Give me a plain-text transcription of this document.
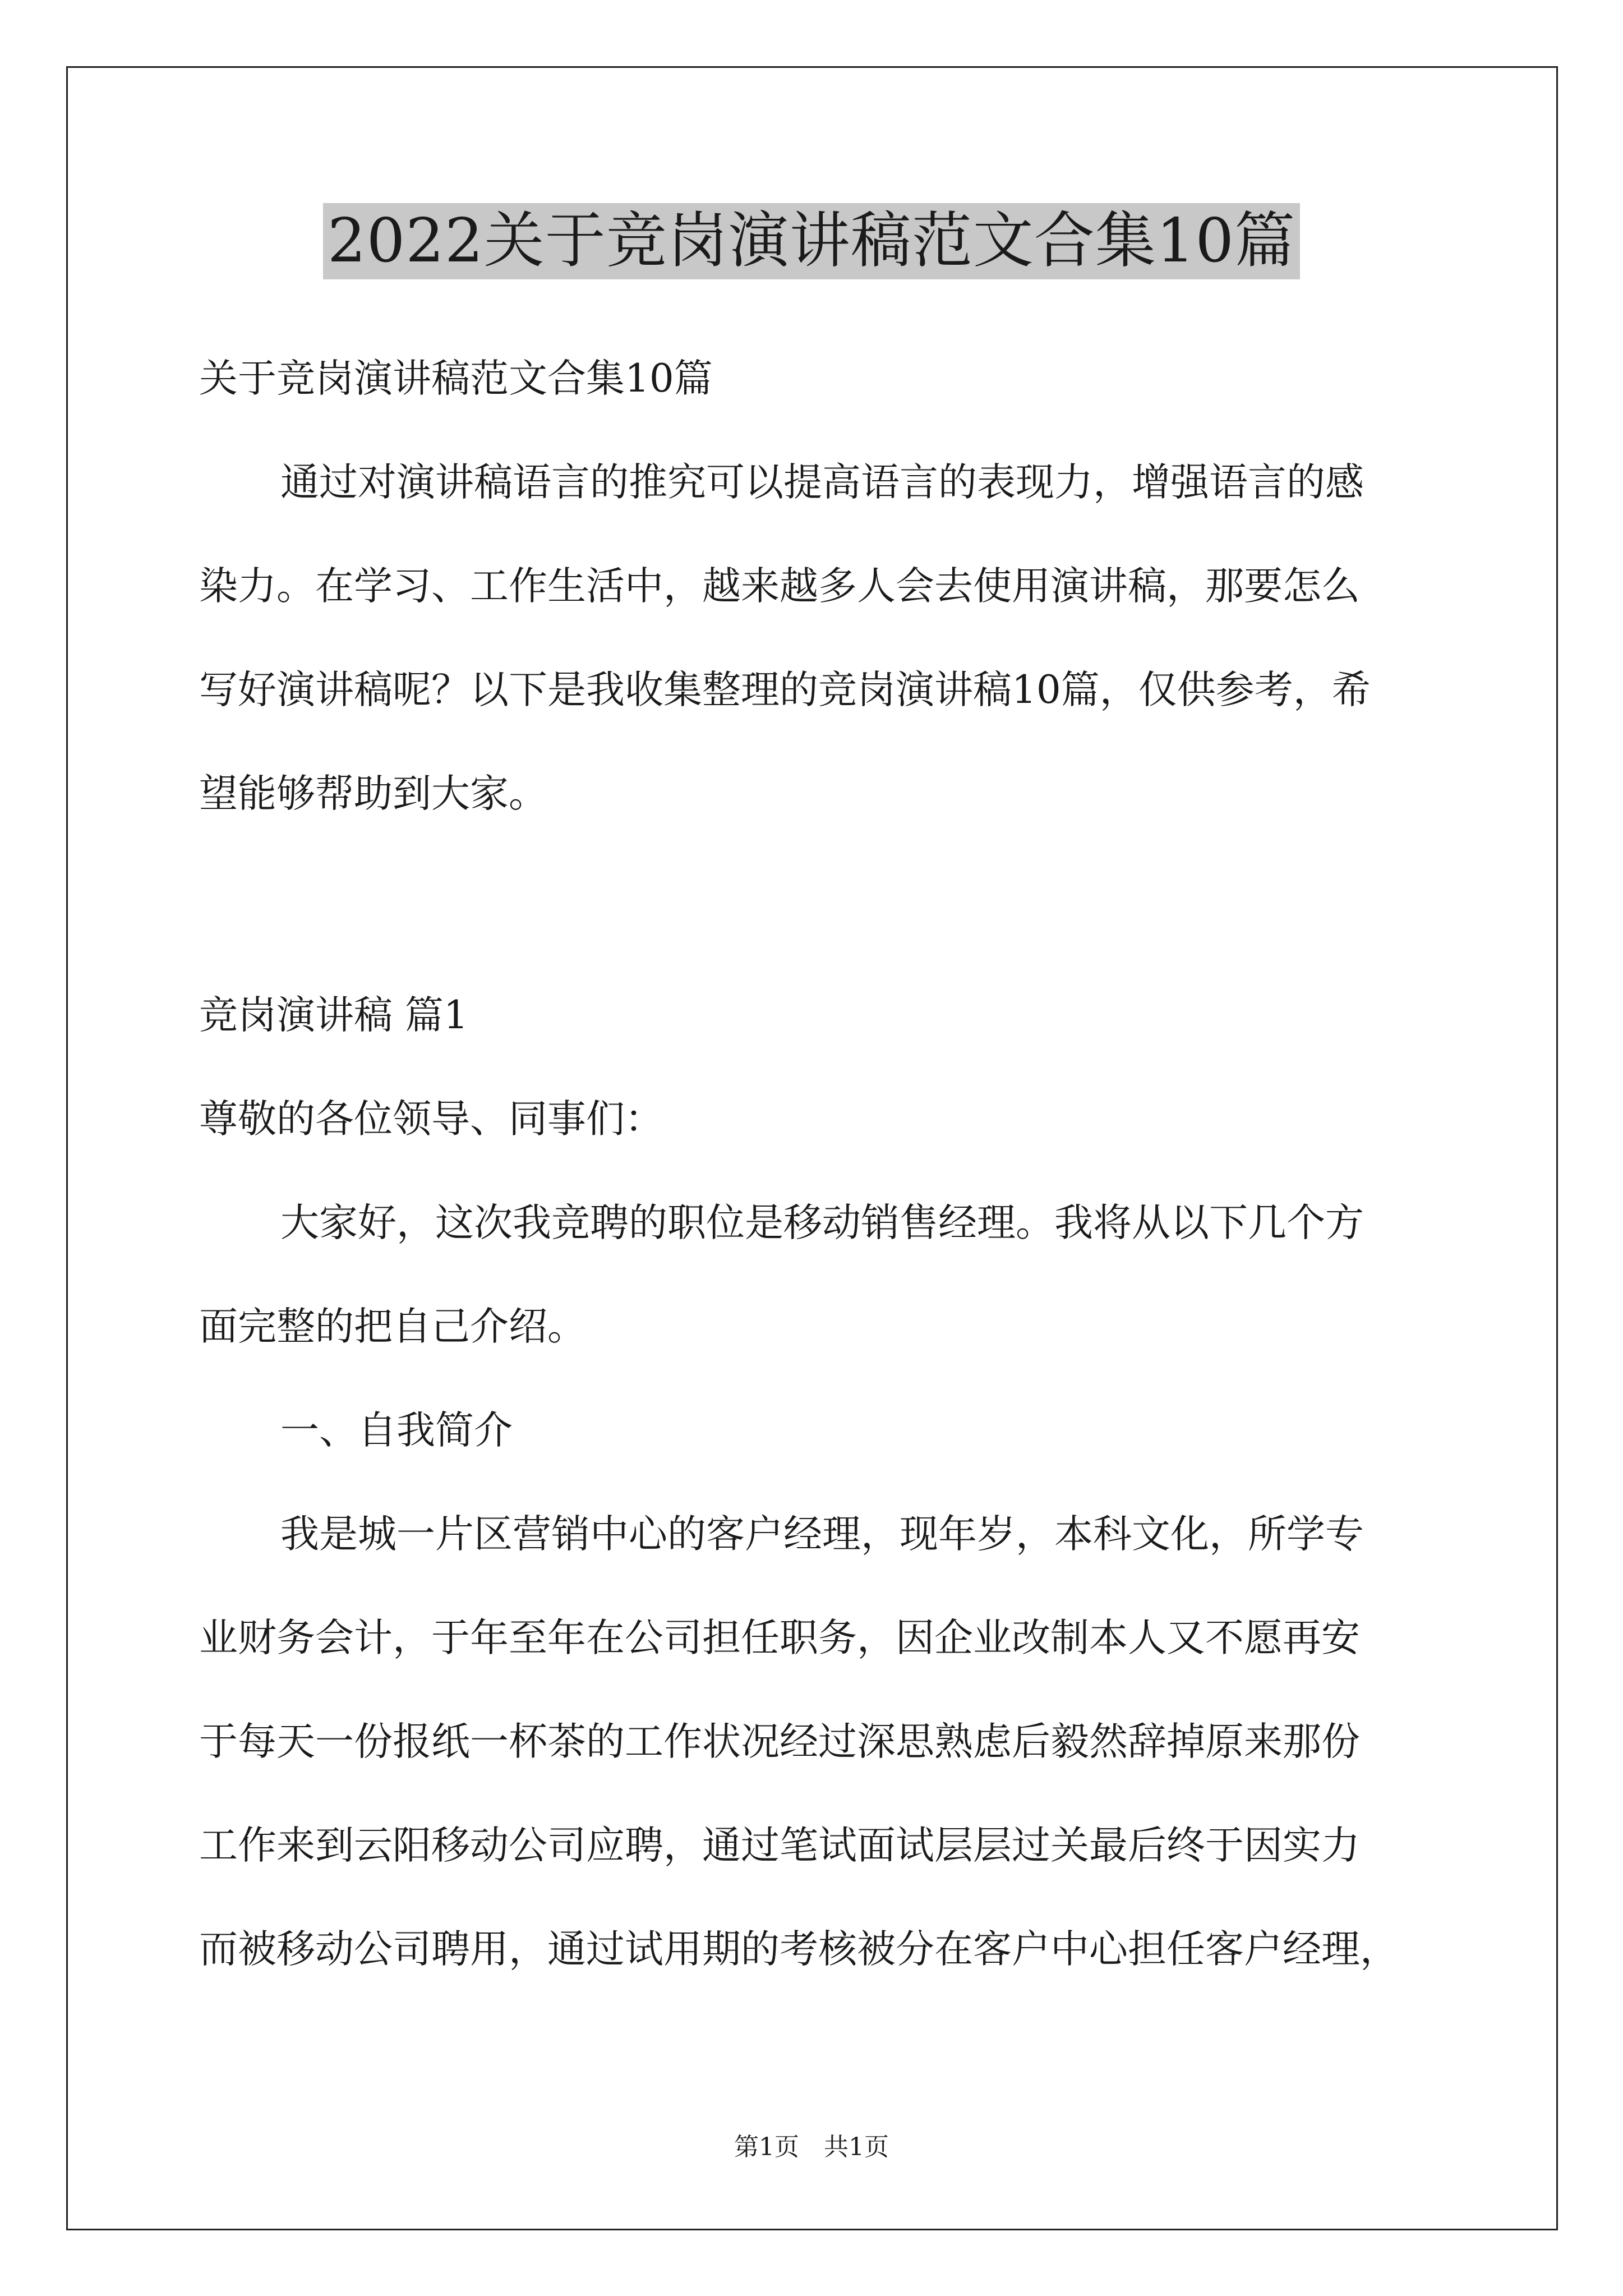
2022关于竞岗演讲稿范文合集10篇
关于竞岗演讲稿范文合集10篇
通过对演讲稿语言的推究可以提高语言的表现力，增强语言的感
染力。在学习、工作生活中，越来越多人会去使用演讲稿，那要怎么
写好演讲稿呢？以下是我收集整理的竞岗演讲稿10篇，仅供参考，希
望能够帮助到大家。
竞岗演讲稿 篇1
尊敬的各位领导、同事们：
大家好，这次我竞聘的职位是移动销售经理。我将从以下几个方
面完整的把自己介绍。
一、自我简介
我是城一片区营销中心的客户经理，现年岁，本科文化，所学专
业财务会计，于年至年在公司担任职务，因企业改制本人又不愿再安
于每天一份报纸一杯茶的工作状况经过深思熟虑后毅然辞掉原来那份
工作来到云阳移动公司应聘，通过笔试面试层层过关最后终于因实力
而被移动公司聘用，通过试用期的考核被分在客户中心担任客户经理，
第1页　共1页
